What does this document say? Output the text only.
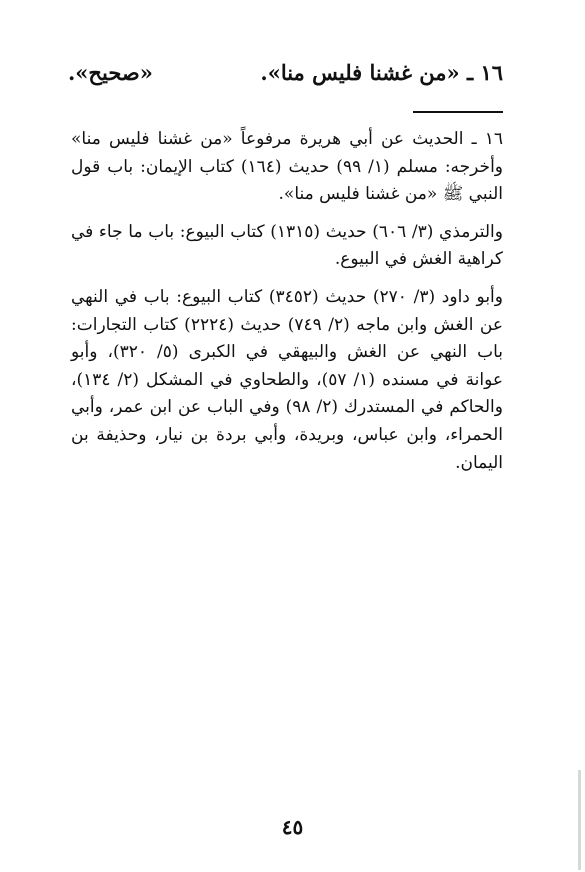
١٦ ـ «من غشنا فليس منا».
«صحيح».

١٦ ـ الحديث عن أبي هريرة مرفوعاً «من غشنا فليس منا» وأخرجه: مسلم (١/ ٩٩) حديث (١٦٤) كتاب الإيمان: باب قول النبي ﷺ «من غشنا فليس منا».

والترمذي (٣/ ٦٠٦) حديث (١٣١٥) كتاب البيوع: باب ما جاء في كراهية الغش في البيوع.

وأبو داود (٣/ ٢٧٠) حديث (٣٤٥٢) كتاب البيوع: باب في النهي عن الغش وابن ماجه (٢/ ٧٤٩) حديث (٢٢٢٤) كتاب التجارات: باب النهي عن الغش والبيهقي في الكبرى (٥/ ٣٢٠)، وأبو عوانة في مسنده (١/ ٥٧)، والطحاوي في المشكل (٢/ ١٣٤)، والحاكم في المستدرك (٢/ ٩٨) وفي الباب عن ابن عمر، وأبي الحمراء، وابن عباس، وبريدة، وأبي بردة بن نيار، وحذيفة بن اليمان.

٤٥
